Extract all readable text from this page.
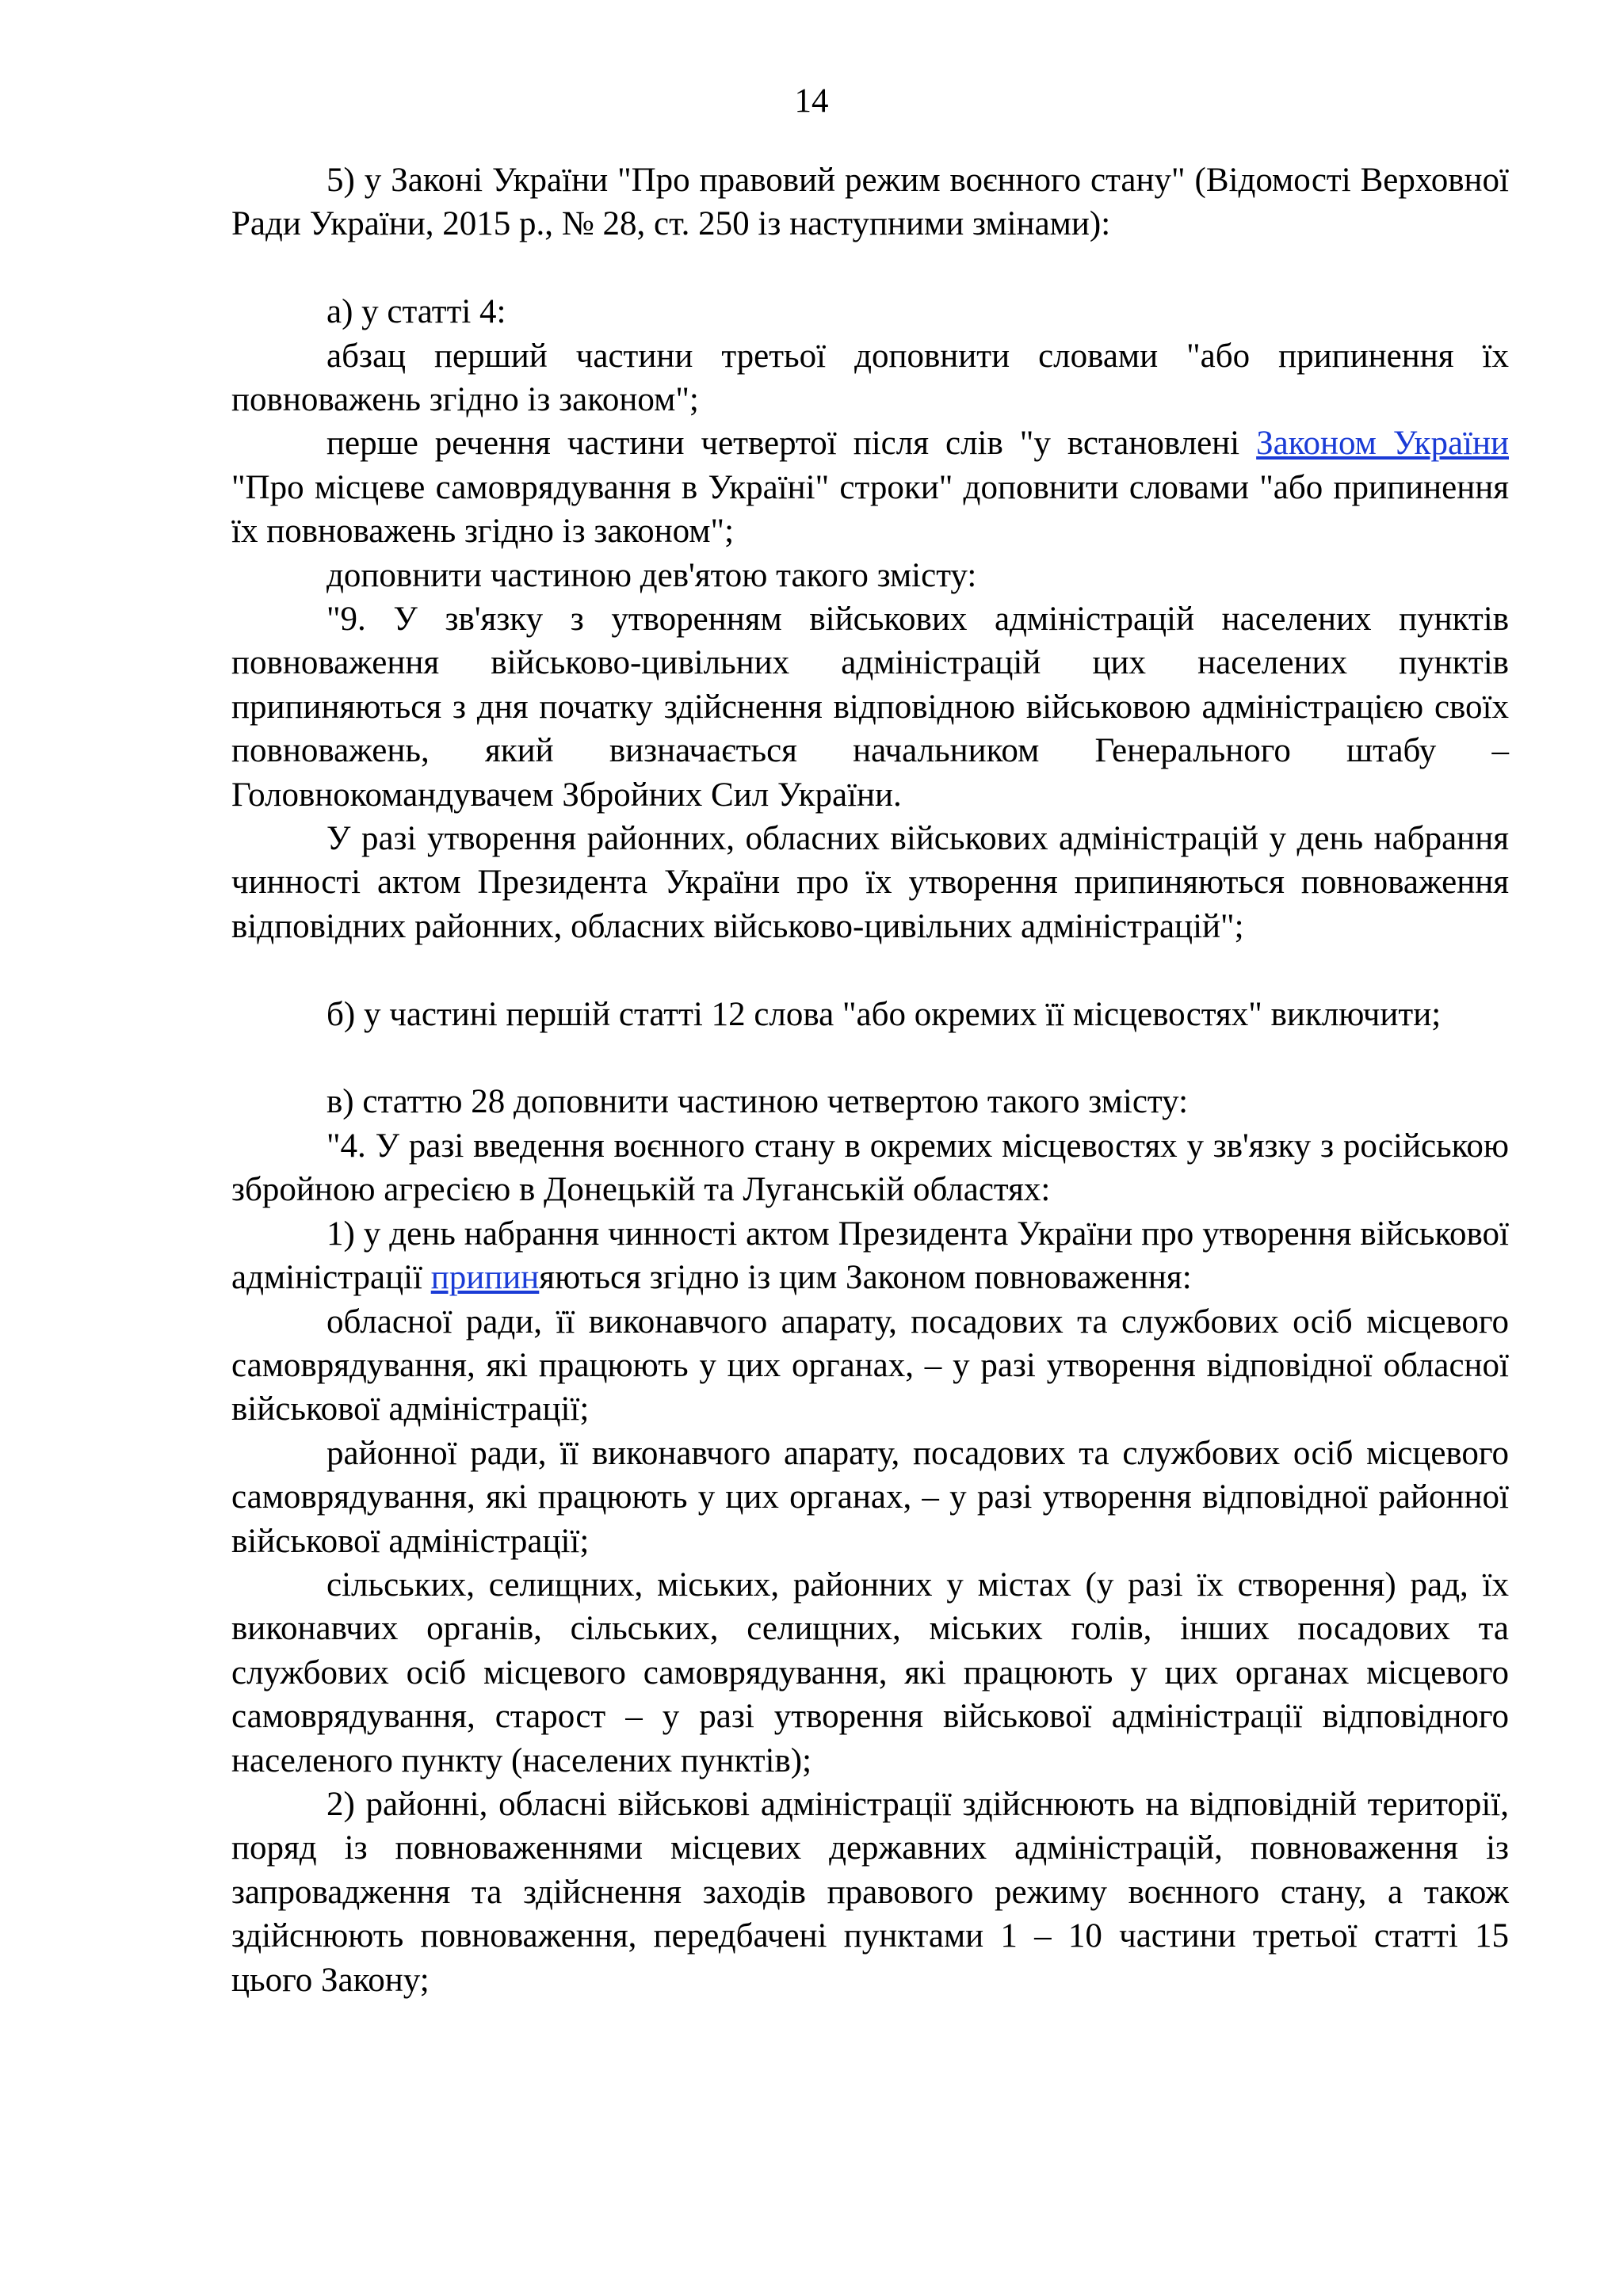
14

5) у Законі України "Про правовий режим воєнного стану" (Відомості Верховної Ради України, 2015 р., № 28, ст. 250 із наступними змінами):

а) у статті 4:

абзац перший частини третьої доповнити словами "або припинення їх повноважень згідно із законом";

перше речення частини четвертої після слів "у встановлені Законом України "Про місцеве самоврядування в Україні" строки" доповнити словами "або припинення їх повноважень згідно із законом";

доповнити частиною дев'ятою такого змісту:

"9. У зв'язку з утворенням військових адміністрацій населених пунктів повноваження військово-цивільних адміністрацій цих населених пунктів припиняються з дня початку здійснення відповідною військовою адміністрацією своїх повноважень, який визначається начальником Генерального штабу – Головнокомандувачем Збройних Сил України.

У разі утворення районних, обласних військових адміністрацій у день набрання чинності актом Президента України про їх утворення припиняються повноваження відповідних районних, обласних військово-цивільних адміністрацій";

б) у частині першій статті 12 слова "або окремих її місцевостях" виключити;

в) статтю 28 доповнити частиною четвертою такого змісту:

"4. У разі введення воєнного стану в окремих місцевостях у зв'язку з російською збройною агресією в Донецькій та Луганській областях:

1) у день набрання чинності актом Президента України про утворення військової адміністрації припиняються згідно із цим Законом повноваження:

обласної ради, її виконавчого апарату, посадових та службових осіб місцевого самоврядування, які працюють у цих органах, – у разі утворення відповідної обласної військової адміністрації;

районної ради, її виконавчого апарату, посадових та службових осіб місцевого самоврядування, які працюють у цих органах, – у разі утворення відповідної районної військової адміністрації;

сільських, селищних, міських, районних у містах (у разі їх створення) рад, їх виконавчих органів, сільських, селищних, міських голів, інших посадових та службових осіб місцевого самоврядування, які працюють у цих органах місцевого самоврядування, старост – у разі утворення військової адміністрації відповідного населеного пункту (населених пунктів);

2) районні, обласні військові адміністрації здійснюють на відповідній території, поряд із повноваженнями місцевих державних адміністрацій, повноваження із запровадження та здійснення заходів правового режиму воєнного стану, а також здійснюють повноваження, передбачені пунктами 1 – 10 частини третьої статті 15 цього Закону;
